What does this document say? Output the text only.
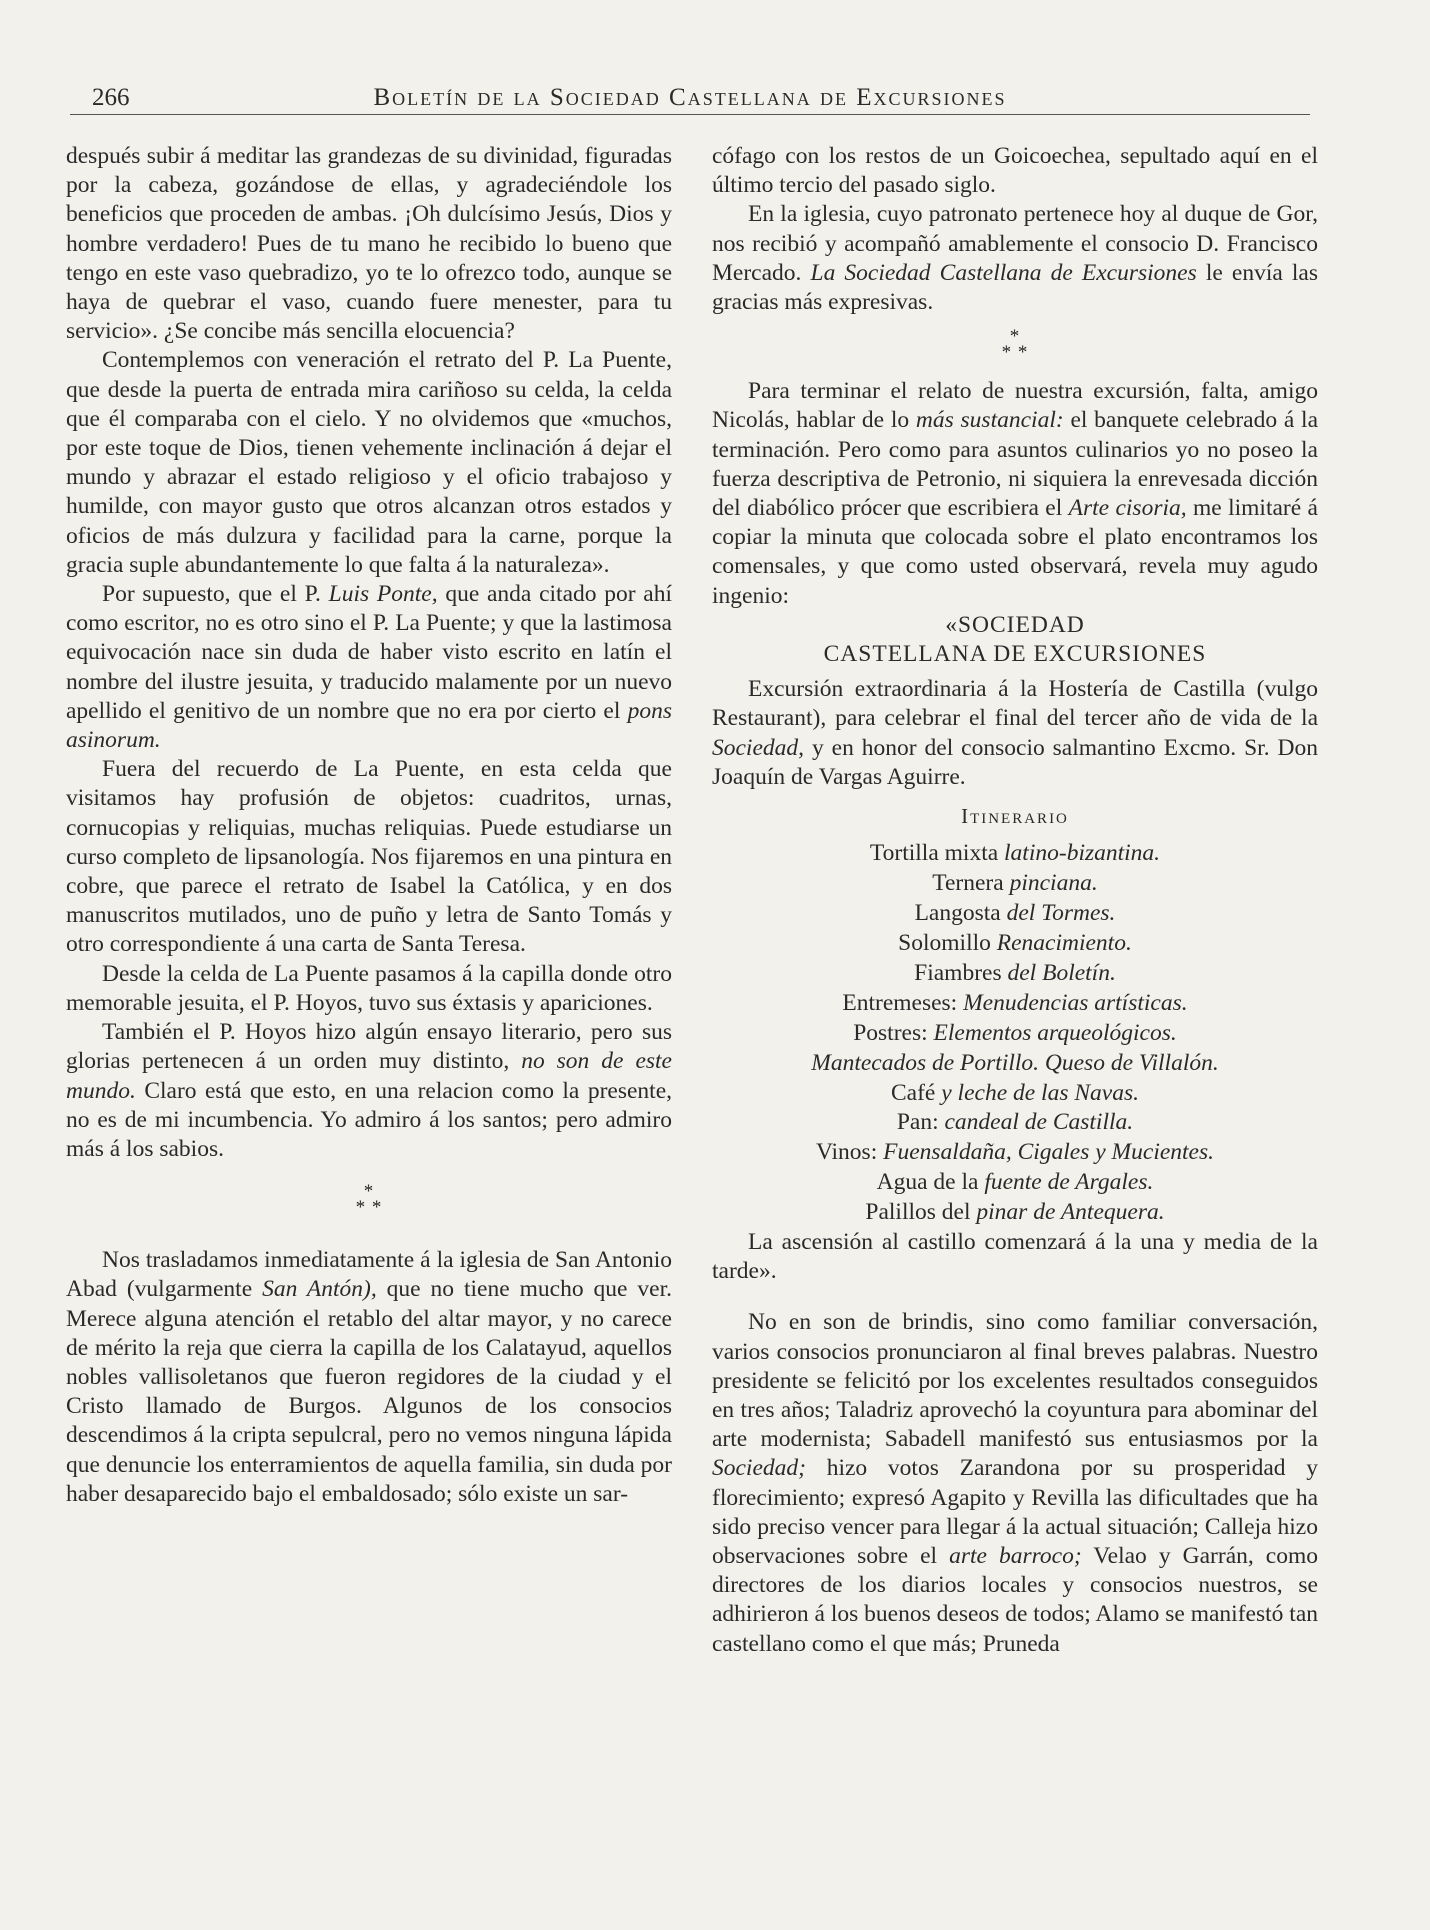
266	Boletín de la Sociedad Castellana de Excursiones

después subir á meditar las grandezas de su divinidad, figuradas por la cabeza, gozándose de ellas, y agradeciéndole los beneficios que proceden de ambas. ¡Oh dulcísimo Jesús, Dios y hombre verdadero! Pues de tu mano he recibido lo bueno que tengo en este vaso quebradizo, yo te lo ofrezco todo, aunque se haya de quebrar el vaso, cuando fuere menester, para tu servicio». ¿Se concibe más sencilla elocuencia?

Contemplemos con veneración el retrato del P. La Puente, que desde la puerta de entrada mira cariñoso su celda, la celda que él comparaba con el cielo. Y no olvidemos que «muchos, por este toque de Dios, tienen vehemente inclinación á dejar el mundo y abrazar el estado religioso y el oficio trabajoso y humilde, con mayor gusto que otros alcanzan otros estados y oficios de más dulzura y facilidad para la carne, porque la gracia suple abundantemente lo que falta á la naturaleza».

Por supuesto, que el P. Luis Ponte, que anda citado por ahí como escritor, no es otro sino el P. La Puente; y que la lastimosa equivocación nace sin duda de haber visto escrito en latín el nombre del ilustre jesuita, y traducido malamente por un nuevo apellido el genitivo de un nombre que no era por cierto el pons asinorum.

Fuera del recuerdo de La Puente, en esta celda que visitamos hay profusión de objetos: cuadritos, urnas, cornucopias y reliquias, muchas reliquias. Puede estudiarse un curso completo de lipsanología. Nos fijaremos en una pintura en cobre, que parece el retrato de Isabel la Católica, y en dos manuscritos mutilados, uno de puño y letra de Santo Tomás y otro correspondiente á una carta de Santa Teresa.

Desde la celda de La Puente pasamos á la capilla donde otro memorable jesuita, el P. Hoyos, tuvo sus éxtasis y apariciones.

También el P. Hoyos hizo algún ensayo literario, pero sus glorias pertenecen á un orden muy distinto, no son de este mundo. Claro está que esto, en una relacion como la presente, no es de mi incumbencia. Yo admiro á los santos; pero admiro más á los sabios.

*
* *

Nos trasladamos inmediatamente á la iglesia de San Antonio Abad (vulgarmente San Antón), que no tiene mucho que ver. Merece alguna atención el retablo del altar mayor, y no carece de mérito la reja que cierra la capilla de los Calatayud, aquellos nobles vallisoletanos que fueron regidores de la ciudad y el Cristo llamado de Burgos. Algunos de los consocios descendimos á la cripta sepulcral, pero no vemos ninguna lápida que denuncie los enterramientos de aquella familia, sin duda por haber desaparecido bajo el embaldosado; sólo existe un sar-

cófago con los restos de un Goicoechea, sepultado aquí en el último tercio del pasado siglo.

En la iglesia, cuyo patronato pertenece hoy al duque de Gor, nos recibió y acompañó amablemente el consocio D. Francisco Mercado. La Sociedad Castellana de Excursiones le envía las gracias más expresivas.

*
* *

Para terminar el relato de nuestra excursión, falta, amigo Nicolás, hablar de lo más sustancial: el banquete celebrado á la terminación. Pero como para asuntos culinarios yo no poseo la fuerza descriptiva de Petronio, ni siquiera la enrevesada dicción del diabólico prócer que escribiera el Arte cisoria, me limitaré á copiar la minuta que colocada sobre el plato encontramos los comensales, y que como usted observará, revela muy agudo ingenio:

«SOCIEDAD
CASTELLANA DE EXCURSIONES

Excursión extraordinaria á la Hostería de Castilla (vulgo Restaurant), para celebrar el final del tercer año de vida de la Sociedad, y en honor del consocio salmantino Excmo. Sr. Don Joaquín de Vargas Aguirre.

Itinerario
Tortilla mixta latino-bizantina.
Ternera pinciana.
Langosta del Tormes.
Solomillo Renacimiento.
Fiambres del Boletín.
Entremeses: Menudencias artísticas.
Postres: Elementos arqueológicos.
Mantecados de Portillo. Queso de Villalón.
Café y leche de las Navas.
Pan: candeal de Castilla.
Vinos: Fuensaldaña, Cigales y Mucientes.
Agua de la fuente de Argales.
Palillos del pinar de Antequera.

La ascensión al castillo comenzará á la una y media de la tarde».

No en son de brindis, sino como familiar conversación, varios consocios pronunciaron al final breves palabras. Nuestro presidente se felicitó por los excelentes resultados conseguidos en tres años; Taladriz aprovechó la coyuntura para abominar del arte modernista; Sabadell manifestó sus entusiasmos por la Sociedad; hizo votos Zarandona por su prosperidad y florecimiento; expresó Agapito y Revilla las dificultades que ha sido preciso vencer para llegar á la actual situación; Calleja hizo observaciones sobre el arte barroco; Velao y Garrán, como directores de los diarios locales y consocios nuestros, se adhirieron á los buenos deseos de todos; Alamo se manifestó tan castellano como el que más; Pruneda
